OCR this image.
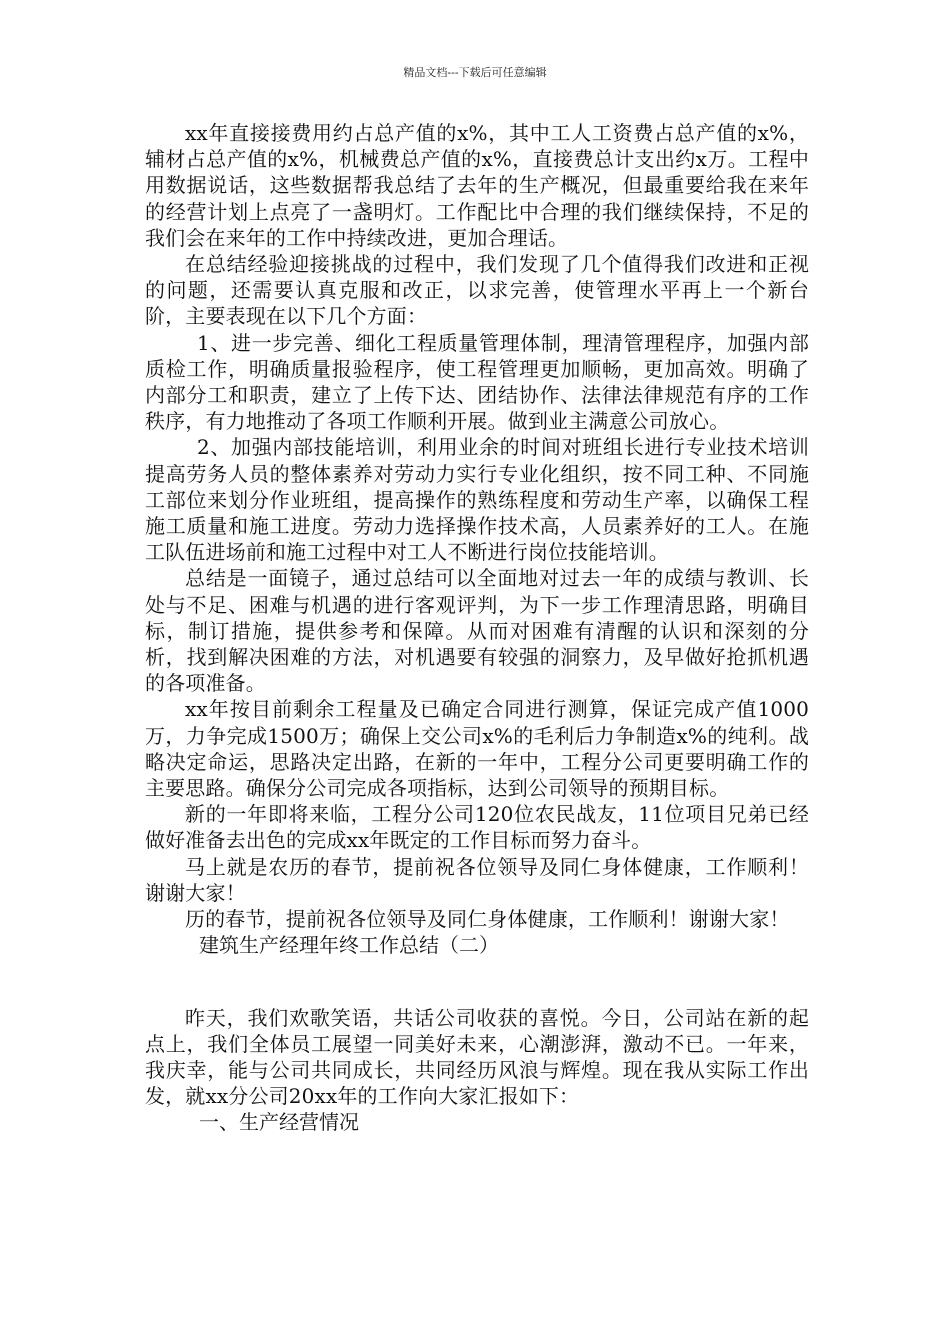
精品文档---下载后可任意编辑

xx年直接接费用约占总产值的x%，其中工人工资费占总产值的x%，辅材占总产值的x%，机械费总产值的x%，直接费总计支出约x万。工程中用数据说话，这些数据帮我总结了去年的生产概况，但最重要给我在来年的经营计划上点亮了一盏明灯。工作配比中合理的我们继续保持，不足的我们会在来年的工作中持续改进，更加合理话。

在总结经验迎接挑战的过程中，我们发现了几个值得我们改进和正视的问题，还需要认真克服和改正，以求完善，使管理水平再上一个新台阶，主要表现在以下几个方面：

1、进一步完善、细化工程质量管理体制，理清管理程序，加强内部质检工作，明确质量报验程序，使工程管理更加顺畅，更加高效。明确了内部分工和职责，建立了上传下达、团结协作、法律法律规范有序的工作秩序，有力地推动了各项工作顺利开展。做到业主满意公司放心。

2、加强内部技能培训，利用业余的时间对班组长进行专业技术培训提高劳务人员的整体素养对劳动力实行专业化组织，按不同工种、不同施工部位来划分作业班组，提高操作的熟练程度和劳动生产率，以确保工程施工质量和施工进度。劳动力选择操作技术高，人员素养好的工人。在施工队伍进场前和施工过程中对工人不断进行岗位技能培训。

总结是一面镜子，通过总结可以全面地对过去一年的成绩与教训、长处与不足、困难与机遇的进行客观评判，为下一步工作理清思路，明确目标，制订措施，提供参考和保障。从而对困难有清醒的认识和深刻的分析，找到解决困难的方法，对机遇要有较强的洞察力，及早做好抢抓机遇的各项准备。

xx年按目前剩余工程量及已确定合同进行测算，保证完成产值1000万，力争完成1500万；确保上交公司x%的毛利后力争制造x%的纯利。战略决定命运，思路决定出路，在新的一年中，工程分公司更要明确工作的主要思路。确保分公司完成各项指标，达到公司领导的预期目标。

新的一年即将来临，工程分公司120位农民战友，11位项目兄弟已经做好准备去出色的完成xx年既定的工作目标而努力奋斗。

马上就是农历的春节，提前祝各位领导及同仁身体健康，工作顺利！谢谢大家！

历的春节，提前祝各位领导及同仁身体健康，工作顺利！谢谢大家！

建筑生产经理年终工作总结（二）

昨天，我们欢歌笑语，共话公司收获的喜悦。今日，公司站在新的起点上，我们全体员工展望一同美好未来，心潮澎湃，激动不已。一年来，我庆幸，能与公司共同成长，共同经历风浪与辉煌。现在我从实际工作出发，就xx分公司20xx年的工作向大家汇报如下：

一、生产经营情况
